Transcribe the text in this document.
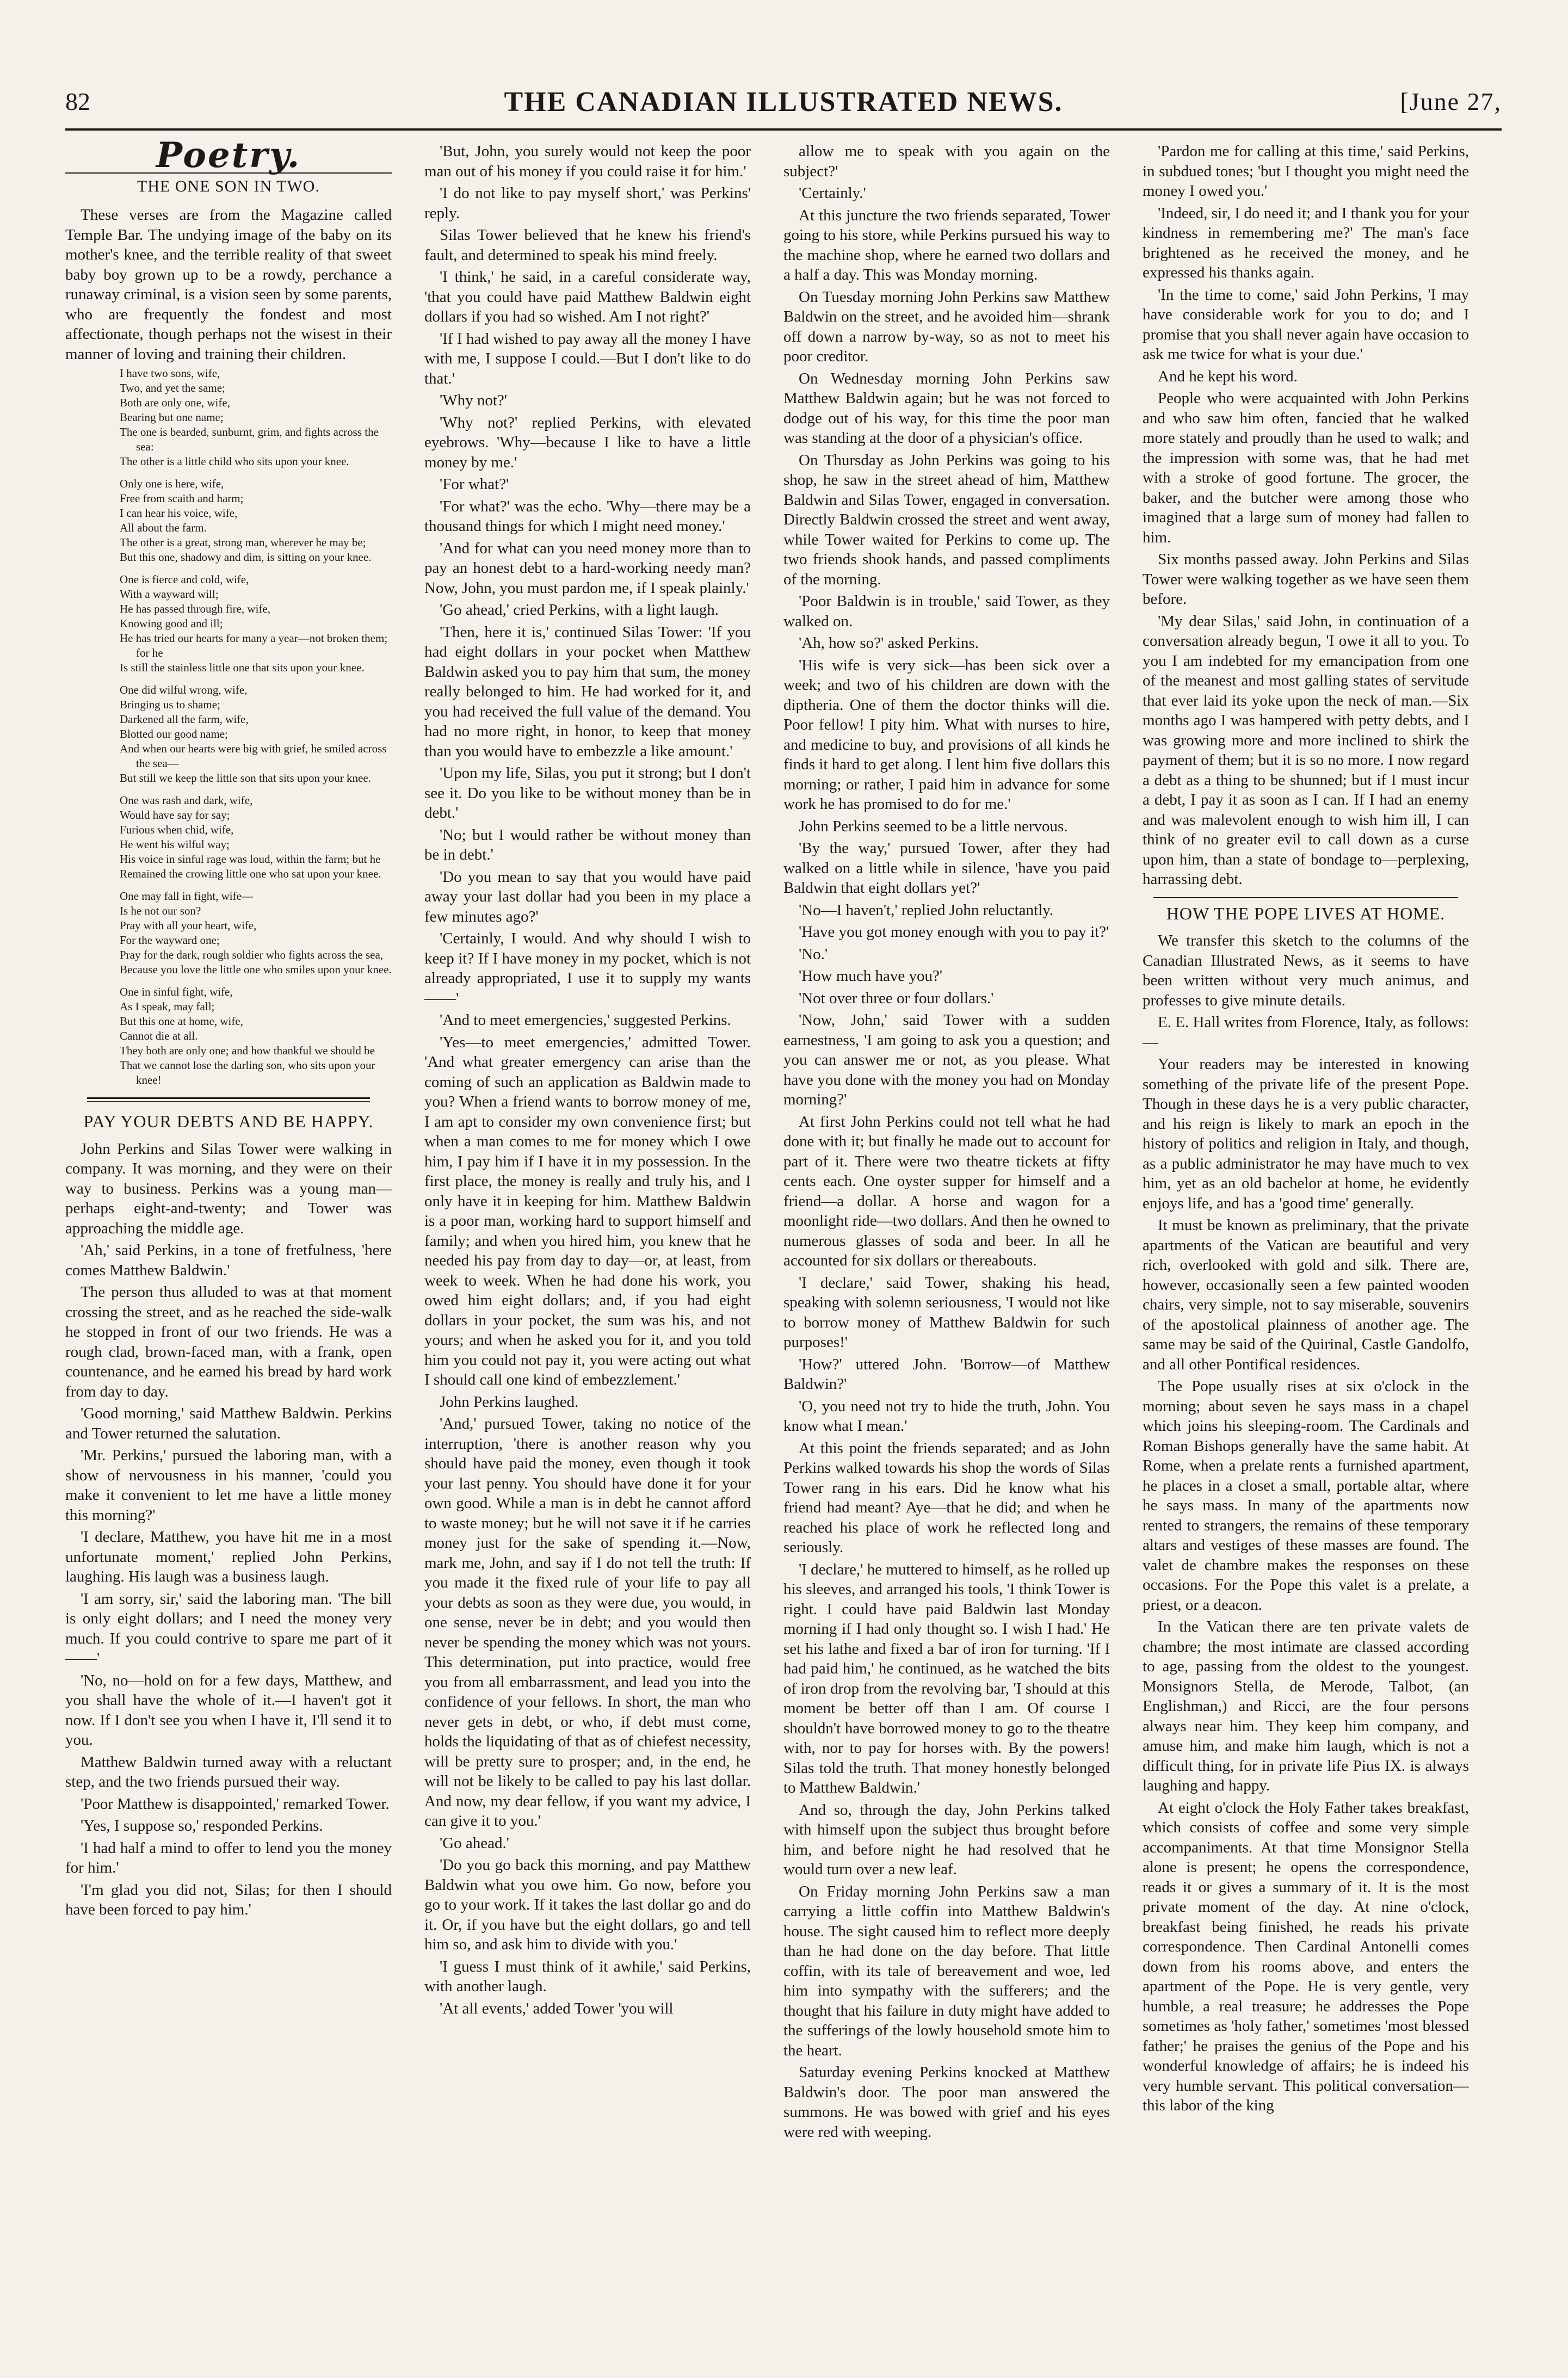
82	THE CANADIAN ILLUSTRATED NEWS.	[June 27,
Poetry.
THE ONE SON IN TWO.

These verses are from the Magazine called Temple Bar. The undying image of the baby on its mother's knee, and the terrible reality of that sweet baby boy grown up to be a rowdy, perchance a runaway criminal, is a vision seen by some parents, who are frequently the fondest and most affectionate, though perhaps not the wisest in their manner of loving and training their children.

I have two sons, wife,
Two, and yet the same;
Both are only one, wife,
Bearing but one name;
The one is bearded, sunburnt, grim, and fights across the sea:
The other is a little child who sits upon your knee.
Only one is here, wife,
Free from scaith and harm;
I can hear his voice, wife,
All about the farm.
The other is a great, strong man, wherever he may be;
But this one, shadowy and dim, is sitting on your knee.
One is fierce and cold, wife,
With a wayward will;
He has passed through fire, wife,
Knowing good and ill;
He has tried our hearts for many a year—not broken them; for he
Is still the stainless little one that sits upon your knee.
One did wilful wrong, wife,
Bringing us to shame;
Darkened all the farm, wife,
Blotted our good name;
And when our hearts were big with grief, he smiled across the sea—
But still we keep the little son that sits upon your knee.
One was rash and dark, wife,
Would have say for say;
Furious when chid, wife,
He went his wilful way;
His voice in sinful rage was loud, within the farm; but he
Remained the crowing little one who sat upon your knee.
One may fall in fight, wife—
Is he not our son?
Pray with all your heart, wife,
For the wayward one;
Pray for the dark, rough soldier who fights across the sea,
Because you love the little one who smiles upon your knee.
One in sinful fight, wife,
As I speak, may fall;
But this one at home, wife,
Cannot die at all.
They both are only one; and how thankful we should be
That we cannot lose the darling son, who sits upon your knee!
PAY YOUR DEBTS AND BE HAPPY.

John Perkins and Silas Tower were walking in company. It was morning, and they were on their way to business. Perkins was a young man—perhaps eight-and-twenty; and Tower was approaching the middle age.

'Ah,' said Perkins, in a tone of fretfulness, 'here comes Matthew Baldwin.'

The person thus alluded to was at that moment crossing the street, and as he reached the side-walk he stopped in front of our two friends. He was a rough clad, brown-faced man, with a frank, open countenance, and he earned his bread by hard work from day to day.

'Good morning,' said Matthew Baldwin. Perkins and Tower returned the salutation.

'Mr. Perkins,' pursued the laboring man, with a show of nervousness in his manner, 'could you make it convenient to let me have a little money this morning?'

'I declare, Matthew, you have hit me in a most unfortunate moment,' replied John Perkins, laughing. His laugh was a business laugh.

'I am sorry, sir,' said the laboring man. 'The bill is only eight dollars; and I need the money very much. If you could contrive to spare me part of it——'

'No, no—hold on for a few days, Matthew, and you shall have the whole of it.—I haven't got it now. If I don't see you when I have it, I'll send it to you.

Matthew Baldwin turned away with a reluctant step, and the two friends pursued their way.

'Poor Matthew is disappointed,' remarked Tower.

'Yes, I suppose so,' responded Perkins.

'I had half a mind to offer to lend you the money for him.'

'I'm glad you did not, Silas; for then I should have been forced to pay him.'

'But, John, you surely would not keep the poor man out of his money if you could raise it for him.'

'I do not like to pay myself short,' was Perkins' reply.

Silas Tower believed that he knew his friend's fault, and determined to speak his mind freely.

'I think,' he said, in a careful considerate way, 'that you could have paid Matthew Baldwin eight dollars if you had so wished. Am I not right?'

'If I had wished to pay away all the money I have with me, I suppose I could.—But I don't like to do that.'

'Why not?'

'Why not?' replied Perkins, with elevated eyebrows. 'Why—because I like to have a little money by me.'

'For what?'

'For what?' was the echo. 'Why—there may be a thousand things for which I might need money.'

'And for what can you need money more than to pay an honest debt to a hard-working needy man? Now, John, you must pardon me, if I speak plainly.'

'Go ahead,' cried Perkins, with a light laugh.

'Then, here it is,' continued Silas Tower: 'If you had eight dollars in your pocket when Matthew Baldwin asked you to pay him that sum, the money really belonged to him. He had worked for it, and you had received the full value of the demand. You had no more right, in honor, to keep that money than you would have to embezzle a like amount.'

'Upon my life, Silas, you put it strong; but I don't see it. Do you like to be without money than be in debt.'

'No; but I would rather be without money than be in debt.'

'Do you mean to say that you would have paid away your last dollar had you been in my place a few minutes ago?'

'Certainly, I would. And why should I wish to keep it? If I have money in my pocket, which is not already appropriated, I use it to supply my wants——'

'And to meet emergencies,' suggested Perkins.

'Yes—to meet emergencies,' admitted Tower. 'And what greater emergency can arise than the coming of such an application as Baldwin made to you? When a friend wants to borrow money of me, I am apt to consider my own convenience first; but when a man comes to me for money which I owe him, I pay him if I have it in my possession. In the first place, the money is really and truly his, and I only have it in keeping for him. Matthew Baldwin is a poor man, working hard to support himself and family; and when you hired him, you knew that he needed his pay from day to day—or, at least, from week to week. When he had done his work, you owed him eight dollars; and, if you had eight dollars in your pocket, the sum was his, and not yours; and when he asked you for it, and you told him you could not pay it, you were acting out what I should call one kind of embezzlement.'

John Perkins laughed.

'And,' pursued Tower, taking no notice of the interruption, 'there is another reason why you should have paid the money, even though it took your last penny. You should have done it for your own good. While a man is in debt he cannot afford to waste money; but he will not save it if he carries money just for the sake of spending it.—Now, mark me, John, and say if I do not tell the truth: If you made it the fixed rule of your life to pay all your debts as soon as they were due, you would, in one sense, never be in debt; and you would then never be spending the money which was not yours. This determination, put into practice, would free you from all embarrassment, and lead you into the confidence of your fellows. In short, the man who never gets in debt, or who, if debt must come, holds the liquidating of that as of chiefest necessity, will be pretty sure to prosper; and, in the end, he will not be likely to be called to pay his last dollar. And now, my dear fellow, if you want my advice, I can give it to you.'

'Go ahead.'

'Do you go back this morning, and pay Matthew Baldwin what you owe him. Go now, before you go to your work. If it takes the last dollar go and do it. Or, if you have but the eight dollars, go and tell him so, and ask him to divide with you.'

'I guess I must think of it awhile,' said Perkins, with another laugh.

'At all events,' added Tower 'you will

allow me to speak with you again on the subject?'

'Certainly.'

At this juncture the two friends separated, Tower going to his store, while Perkins pursued his way to the machine shop, where he earned two dollars and a half a day. This was Monday morning.

On Tuesday morning John Perkins saw Matthew Baldwin on the street, and he avoided him—shrank off down a narrow by-way, so as not to meet his poor creditor.

On Wednesday morning John Perkins saw Matthew Baldwin again; but he was not forced to dodge out of his way, for this time the poor man was standing at the door of a physician's office.

On Thursday as John Perkins was going to his shop, he saw in the street ahead of him, Matthew Baldwin and Silas Tower, engaged in conversation. Directly Baldwin crossed the street and went away, while Tower waited for Perkins to come up. The two friends shook hands, and passed compliments of the morning.

'Poor Baldwin is in trouble,' said Tower, as they walked on.

'Ah, how so?' asked Perkins.

'His wife is very sick—has been sick over a week; and two of his children are down with the diptheria. One of them the doctor thinks will die. Poor fellow! I pity him. What with nurses to hire, and medicine to buy, and provisions of all kinds he finds it hard to get along. I lent him five dollars this morning; or rather, I paid him in advance for some work he has promised to do for me.'

John Perkins seemed to be a little nervous.

'By the way,' pursued Tower, after they had walked on a little while in silence, 'have you paid Baldwin that eight dollars yet?'

'No—I haven't,' replied John reluctantly.

'Have you got money enough with you to pay it?'

'No.'

'How much have you?'

'Not over three or four dollars.'

'Now, John,' said Tower with a sudden earnestness, 'I am going to ask you a question; and you can answer me or not, as you please. What have you done with the money you had on Monday morning?'

At first John Perkins could not tell what he had done with it; but finally he made out to account for part of it. There were two theatre tickets at fifty cents each. One oyster supper for himself and a friend—a dollar. A horse and wagon for a moonlight ride—two dollars. And then he owned to numerous glasses of soda and beer. In all he accounted for six dollars or thereabouts.

'I declare,' said Tower, shaking his head, speaking with solemn seriousness, 'I would not like to borrow money of Matthew Baldwin for such purposes!'

'How?' uttered John. 'Borrow—of Matthew Baldwin?'

'O, you need not try to hide the truth, John. You know what I mean.'

At this point the friends separated; and as John Perkins walked towards his shop the words of Silas Tower rang in his ears. Did he know what his friend had meant? Aye—that he did; and when he reached his place of work he reflected long and seriously.

'I declare,' he muttered to himself, as he rolled up his sleeves, and arranged his tools, 'I think Tower is right. I could have paid Baldwin last Monday morning if I had only thought so. I wish I had.' He set his lathe and fixed a bar of iron for turning. 'If I had paid him,' he continued, as he watched the bits of iron drop from the revolving bar, 'I should at this moment be better off than I am. Of course I shouldn't have borrowed money to go to the theatre with, nor to pay for horses with. By the powers! Silas told the truth. That money honestly belonged to Matthew Baldwin.'

And so, through the day, John Perkins talked with himself upon the subject thus brought before him, and before night he had resolved that he would turn over a new leaf.

On Friday morning John Perkins saw a man carrying a little coffin into Matthew Baldwin's house. The sight caused him to reflect more deeply than he had done on the day before. That little coffin, with its tale of bereavement and woe, led him into sympathy with the sufferers; and the thought that his failure in duty might have added to the sufferings of the lowly household smote him to the heart.

Saturday evening Perkins knocked at Matthew Baldwin's door. The poor man answered the summons. He was bowed with grief and his eyes were red with weeping.

'Pardon me for calling at this time,' said Perkins, in subdued tones; 'but I thought you might need the money I owed you.'

'Indeed, sir, I do need it; and I thank you for your kindness in remembering me?' The man's face brightened as he received the money, and he expressed his thanks again.

'In the time to come,' said John Perkins, 'I may have considerable work for you to do; and I promise that you shall never again have occasion to ask me twice for what is your due.'

And he kept his word.

People who were acquainted with John Perkins and who saw him often, fancied that he walked more stately and proudly than he used to walk; and the impression with some was, that he had met with a stroke of good fortune. The grocer, the baker, and the butcher were among those who imagined that a large sum of money had fallen to him.

Six months passed away. John Perkins and Silas Tower were walking together as we have seen them before.

'My dear Silas,' said John, in continuation of a conversation already begun, 'I owe it all to you. To you I am indebted for my emancipation from one of the meanest and most galling states of servitude that ever laid its yoke upon the neck of man.—Six months ago I was hampered with petty debts, and I was growing more and more inclined to shirk the payment of them; but it is so no more. I now regard a debt as a thing to be shunned; but if I must incur a debt, I pay it as soon as I can. If I had an enemy and was malevolent enough to wish him ill, I can think of no greater evil to call down as a curse upon him, than a state of bondage to—perplexing, harrassing debt.

HOW THE POPE LIVES AT HOME.

We transfer this sketch to the columns of the Canadian Illustrated News, as it seems to have been written without very much animus, and professes to give minute details.

E. E. Hall writes from Florence, Italy, as follows:—

Your readers may be interested in knowing something of the private life of the present Pope. Though in these days he is a very public character, and his reign is likely to mark an epoch in the history of politics and religion in Italy, and though, as a public administrator he may have much to vex him, yet as an old bachelor at home, he evidently enjoys life, and has a 'good time' generally.

It must be known as preliminary, that the private apartments of the Vatican are beautiful and very rich, overlooked with gold and silk. There are, however, occasionally seen a few painted wooden chairs, very simple, not to say miserable, souvenirs of the apostolical plainness of another age. The same may be said of the Quirinal, Castle Gandolfo, and all other Pontifical residences.

The Pope usually rises at six o'clock in the morning; about seven he says mass in a chapel which joins his sleeping-room. The Cardinals and Roman Bishops generally have the same habit. At Rome, when a prelate rents a furnished apartment, he places in a closet a small, portable altar, where he says mass. In many of the apartments now rented to strangers, the remains of these temporary altars and vestiges of these masses are found. The valet de chambre makes the responses on these occasions. For the Pope this valet is a prelate, a priest, or a deacon.

In the Vatican there are ten private valets de chambre; the most intimate are classed according to age, passing from the oldest to the youngest. Monsignors Stella, de Merode, Talbot, (an Englishman,) and Ricci, are the four persons always near him. They keep him company, and amuse him, and make him laugh, which is not a difficult thing, for in private life Pius IX. is always laughing and happy.

At eight o'clock the Holy Father takes breakfast, which consists of coffee and some very simple accompaniments. At that time Monsignor Stella alone is present; he opens the correspondence, reads it or gives a summary of it. It is the most private moment of the day. At nine o'clock, breakfast being finished, he reads his private correspondence. Then Cardinal Antonelli comes down from his rooms above, and enters the apartment of the Pope. He is very gentle, very humble, a real treasure; he addresses the Pope sometimes as 'holy father,' sometimes 'most blessed father;' he praises the genius of the Pope and his wonderful knowledge of affairs; he is indeed his very humble servant. This political conversation—this labor of the king
